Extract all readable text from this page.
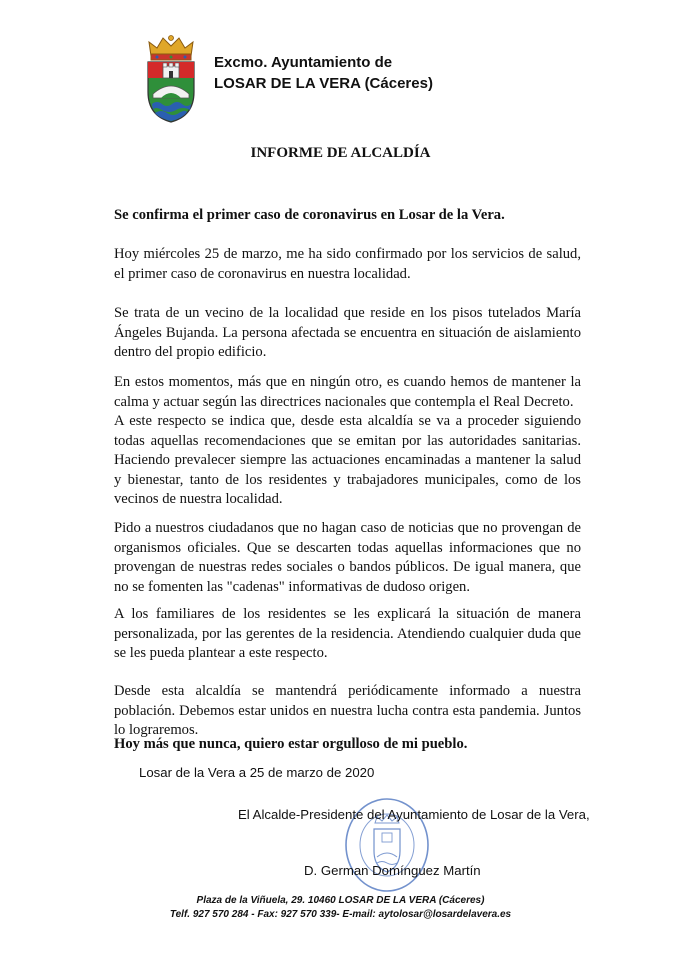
Excmo. Ayuntamiento de
LOSAR DE LA VERA (Cáceres)
INFORME DE ALCALDÍA

Se confirma el primer caso de coronavirus en Losar de la Vera.

Hoy miércoles 25 de marzo, me ha sido confirmado por los servicios de salud, el primer caso de coronavirus en nuestra localidad.

Se trata de un vecino de la localidad que reside en los pisos tutelados María Ángeles Bujanda. La persona afectada se encuentra en situación de aislamiento dentro del propio edificio.

En estos momentos, más que en ningún otro, es cuando hemos de mantener la calma y actuar según las directrices nacionales que contempla el Real Decreto.

A este respecto se indica que, desde esta alcaldía se va a proceder siguiendo todas aquellas recomendaciones que se emitan por las autoridades sanitarias. Haciendo prevalecer siempre las actuaciones encaminadas a mantener la salud y bienestar, tanto de los residentes y trabajadores municipales, como de los vecinos de nuestra localidad.

Pido a nuestros ciudadanos que no hagan caso de noticias que no provengan de organismos oficiales. Que se descarten todas aquellas informaciones que no provengan de nuestras redes sociales o bandos públicos. De igual manera, que no se fomenten las "cadenas" informativas de dudoso origen.

A los familiares de los residentes se les explicará la situación de manera personalizada, por las gerentes de la residencia. Atendiendo cualquier duda que se les pueda plantear a este respecto.

Desde esta alcaldía se mantendrá periódicamente informado a nuestra población. Debemos estar unidos en nuestra lucha contra esta pandemia. Juntos lo lograremos.

Hoy más que nunca, quiero estar orgulloso de mi pueblo.

Losar de la Vera a 25 de marzo de 2020
El Alcalde-Presidente del Ayuntamiento de Losar de la Vera,
D. German Domínguez Martín
Plaza de la Viñuela, 29. 10460 LOSAR DE LA VERA (Cáceres)
Telf. 927 570 284 - Fax: 927 570 339- E-mail: aytolosar@losardelavera.es
